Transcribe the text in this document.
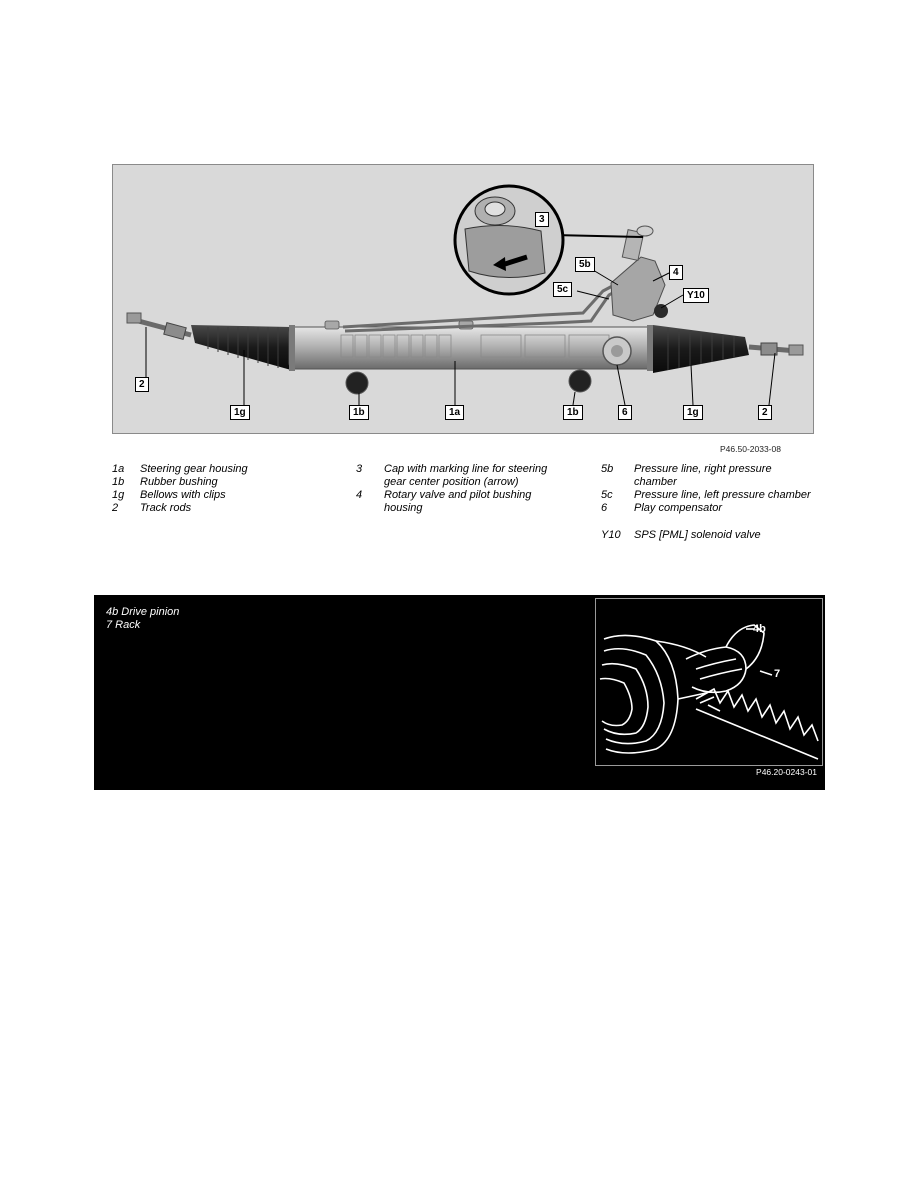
2
1g	1b	1a	1b	6	1g	2
3
5b
5c
4
Y10
P46.50-2033-08
1a	Steering gear housing
1b	Rubber bushing
1g	Bellows with clips
2	Track rods
3	Cap with marking line for steering gear center position (arrow)
4	Rotary valve and pilot bushing housing
5b	Pressure line, right pressure chamber
5c	Pressure line, left pressure chamber
6	Play compensator
Y10	SPS [PML] solenoid valve
4b Drive pinion
7 Rack	4b
7
P46.20-0243-01
